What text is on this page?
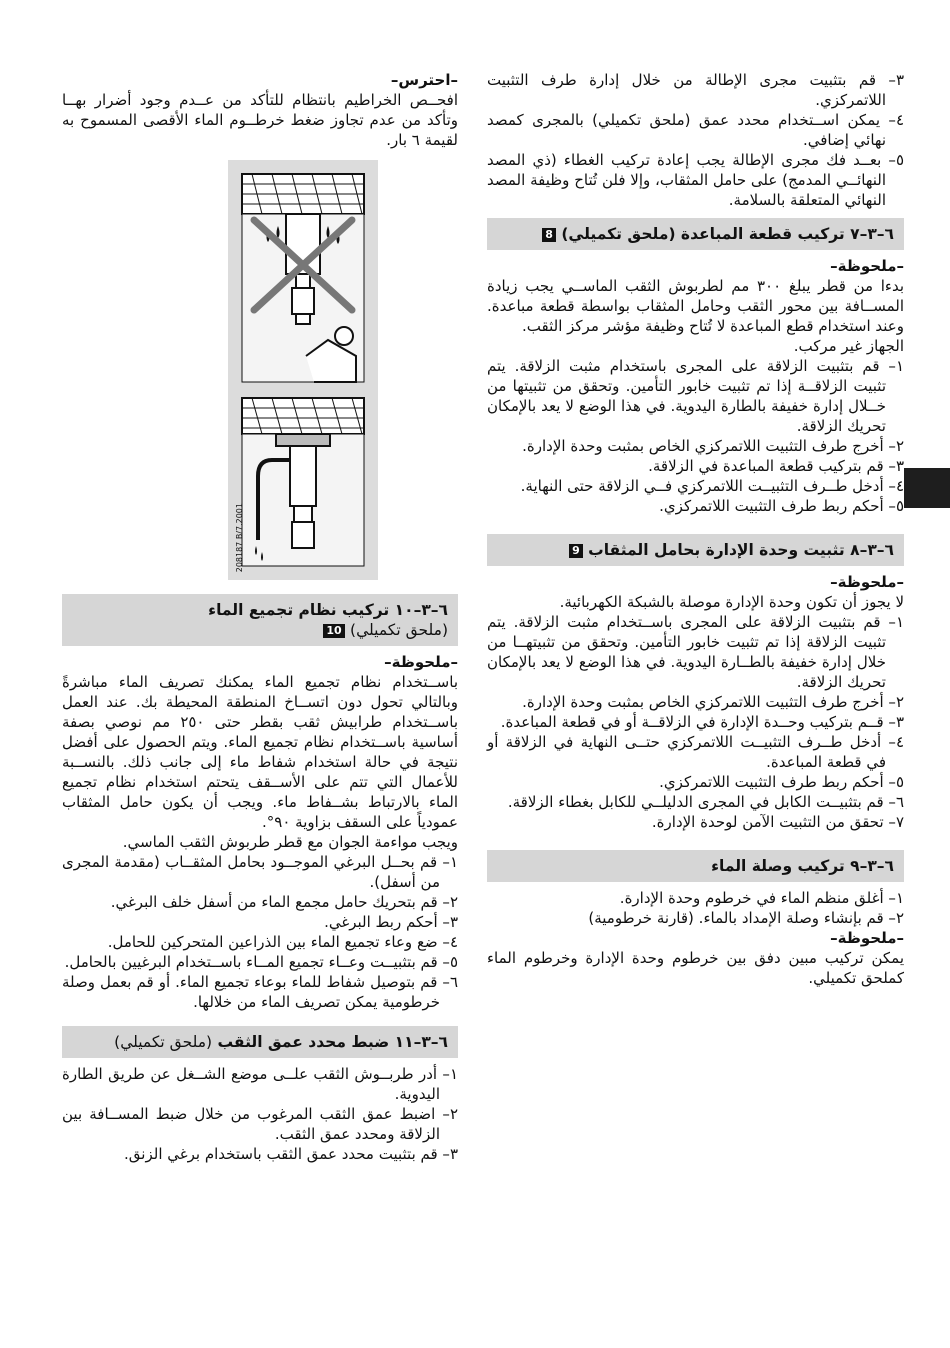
٣– قم بتثبيت مجرى الإطالة من خلال إدارة طرف التثبيت اللاتمركزي.

٤– يمكن اســتخدام محدد عمق (ملحق تكميلي) بالمجرى كمصد نهائي إضافي.

٥– بعــد فك مجرى الإطالة يجب إعادة تركيب الغطاء (ذي المصد النهائــي المدمج) على حامل المثقاب، وإلا فلن تُتاح وظيفة المصد النهائي المتعلقة بالسلامة.

٦–٣–٧ تركيب قطعة المباعدة (ملحق تكميلي) 8

–ملحوظة–

بدءا من قطر يبلغ ٣٠٠ مم لطربوش الثقب الماســي يجب زيادة المســافة بين محور الثقب وحامل المثقاب بواسطة قطعة مباعدة. وعند استخدام قطع المباعدة لا تُتاح وظيفة مؤشر مركز الثقب.

الجهاز غير مركب.

١– قم بتثبيت الزلاقة على المجرى باستخدام مثبت الزلاقة. يتم تثبيت الزلاقــة إذا تم تثبيت خابور التأمين. وتحقق من تثبيتها من خــلال إدارة خفيفة بالطارة اليدوية. في هذا الوضع لا يعد بالإمكان تحريك الزلاقة.

٢– أخرج طرف التثبيت اللاتمركزي الخاص بمثبت وحدة الإدارة.

٣– قم بتركيب قطعة المباعدة في الزلاقة.

٤– أدخل طــرف التثبيــت اللاتمركزي فــي الزلاقة حتى النهاية.

٥– أحكم ربط طرف التثبيت اللاتمركزي.

٦–٣–٨ تثبيت وحدة الإدارة بحامل المثقاب 9

–ملحوظة–

لا يجوز أن تكون وحدة الإدارة موصلة بالشبكة الكهربائية.

١– قم بتثبيت الزلاقة على المجرى باســتخدام مثبت الزلاقة. يتم تثبيت الزلاقة إذا تم تثبيت خابور التأمين. وتحقق من تثبيتهــا من خلال إدارة خفيفة بالطــارة اليدوية. في هذا الوضع لا يعد بالإمكان تحريك الزلاقة.

٢– أخرج طرف التثبيت اللاتمركزي الخاص بمثبت وحدة الإدارة.

٣– قــم بتركيب وحــدة الإدارة في الزلاقــة أو في قطعة المباعدة.

٤– أدخل طــرف التثبيــت اللاتمركزي حتــى النهاية في الزلاقة أو في قطعة المباعدة.

٥– أحكم ربط طرف التثبيت اللاتمركزي.

٦– قم بتثبيــت الكابل في المجرى الدليلــي للكابل بغطاء الزلاقة.

٧– تحقق من التثبيت الآمن لوحدة الإدارة.

٦–٣–٩ تركيب وصلة الماء

١– أغلق منظم الماء في خرطوم وحدة الإدارة.

٢– قم بإنشاء وصلة الإمداد بالماء. (قارنة خرطومية)

–ملحوظة–

يمكن تركيب مبين دفق بين خرطوم وحدة الإدارة وخرطوم الماء كملحق تكميلي.

–احترس–

افحــص الخراطيم بانتظام للتأكد من عــدم وجود أضرار بهــا وتأكد من عدم تجاوز ضغط خرطــوم الماء الأقصى المسموح به لقيمة ٦ بار.

208187 B/7.2001
٦–٣–١٠ تركيب نظام تجميع الماء
(ملحق تكميلي) 10

–ملحوظة–

باســتخدام نظام تجميع الماء يمكنك تصريف الماء مباشرةً وبالتالي تحول دون اتســاخ المنطقة المحيطة بك. عند العمل باســتخدام طرابيش ثقب بقطر حتى ٢٥٠ مم نوصي بصفة أساسية باســتخدام نظام تجميع الماء. ويتم الحصول على أفضل نتيجة في حالة استخدام شفاط ماء إلى جانب ذلك. بالنســبة للأعمال التي تتم على الأســقف يتحتم استخدام نظام تجميع الماء بالارتباط بشــفاط ماء. ويجب أن يكون حامل المثقاب عمودياً على السقف بزاوية ٩٠°.

ويجب مواءمة الجوان مع قطر طربوش الثقب الماسي.

١– قم بحــل البرغي الموجــود بحامل المثقــاب (مقدمة المجرى من أسفل).

٢– قم بتحريك حامل مجمع الماء من أسفل خلف البرغي.

٣– أحكم ربط البرغي.

٤– ضع وعاء تجميع الماء بين الذراعين المتحركين للحامل.

٥– قم بتثبيــت وعــاء تجميع المــاء باســتخدام البرغيين بالحامل.

٦– قم بتوصيل شفاط للماء بوعاء تجميع الماء. أو قم بعمل وصلة خرطومية يمكن تصريف الماء من خلالها.

٦–٣–١١ ضبط محدد عمق الثقب (ملحق تكميلي)

١– أدر طربــوش الثقب علــى موضع الشــغل عن طريق الطارة اليدوية.

٢– اضبط عمق الثقب المرغوب من خلال ضبط المســافة بين الزلاقة ومحدد عمق الثقب.

٣– قم بتثبيت محدد عمق الثقب باستخدام برغي الزنق.
